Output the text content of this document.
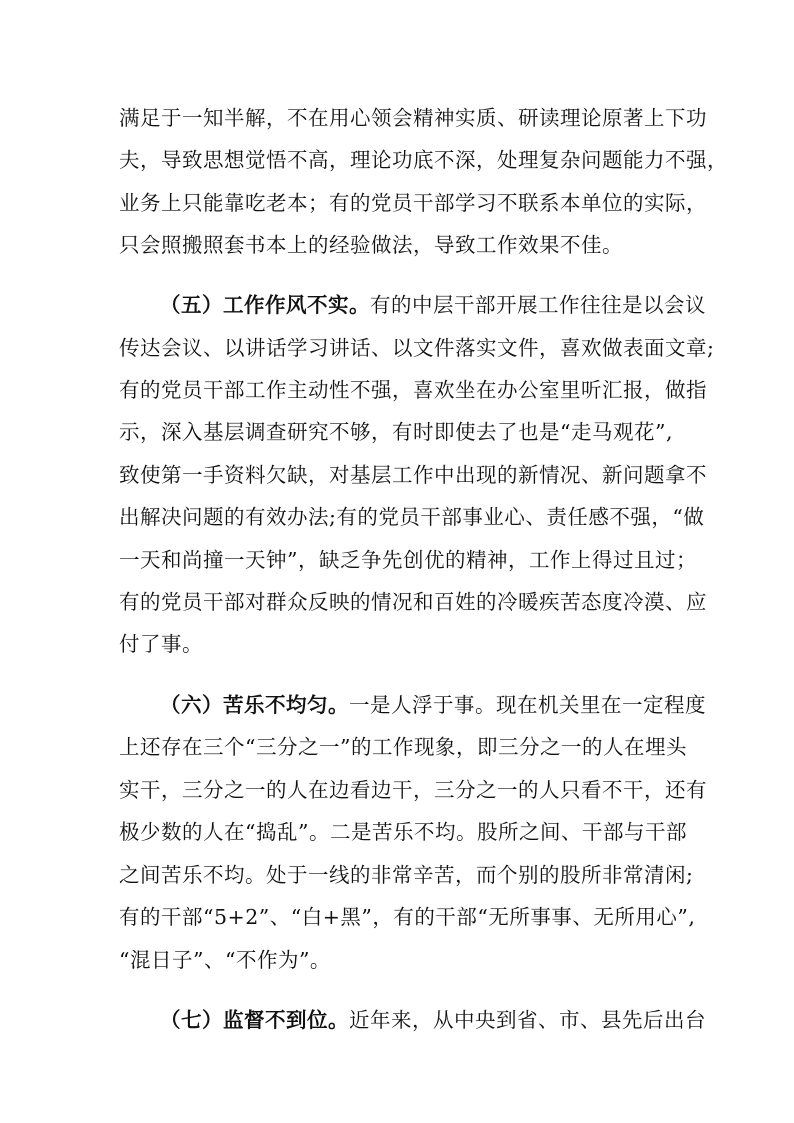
满足于一知半解，不在用心领会精神实质、研读理论原著上下功
夫，导致思想觉悟不高，理论功底不深，处理复杂问题能力不强，
业务上只能靠吃老本；有的党员干部学习不联系本单位的实际，
只会照搬照套书本上的经验做法，导致工作效果不佳。
（五）工作作风不实。有的中层干部开展工作往往是以会议
传达会议、以讲话学习讲话、以文件落实文件，喜欢做表面文章;
有的党员干部工作主动性不强，喜欢坐在办公室里听汇报，做指
示，深入基层调查研究不够，有时即使去了也是“走马观花”,
致使第一手资料欠缺，对基层工作中出现的新情况、新问题拿不
出解决问题的有效办法;有的党员干部事业心、责任感不强，“做
一天和尚撞一天钟”，缺乏争先创优的精神，工作上得过且过；
有的党员干部对群众反映的情况和百姓的冷暖疾苦态度冷漠、应
付了事。
（六）苦乐不均匀。一是人浮于事。现在机关里在一定程度
上还存在三个“三分之一”的工作现象，即三分之一的人在埋头
实干，三分之一的人在边看边干，三分之一的人只看不干，还有
极少数的人在“捣乱”。二是苦乐不均。股所之间、干部与干部
之间苦乐不均。处于一线的非常辛苦，而个别的股所非常清闲;
有的干部“5+2”、“白+黑”，有的干部“无所事事、无所用心”,
“混日子”、“不作为”。
（七）监督不到位。近年来，从中央到省、市、县先后出台
